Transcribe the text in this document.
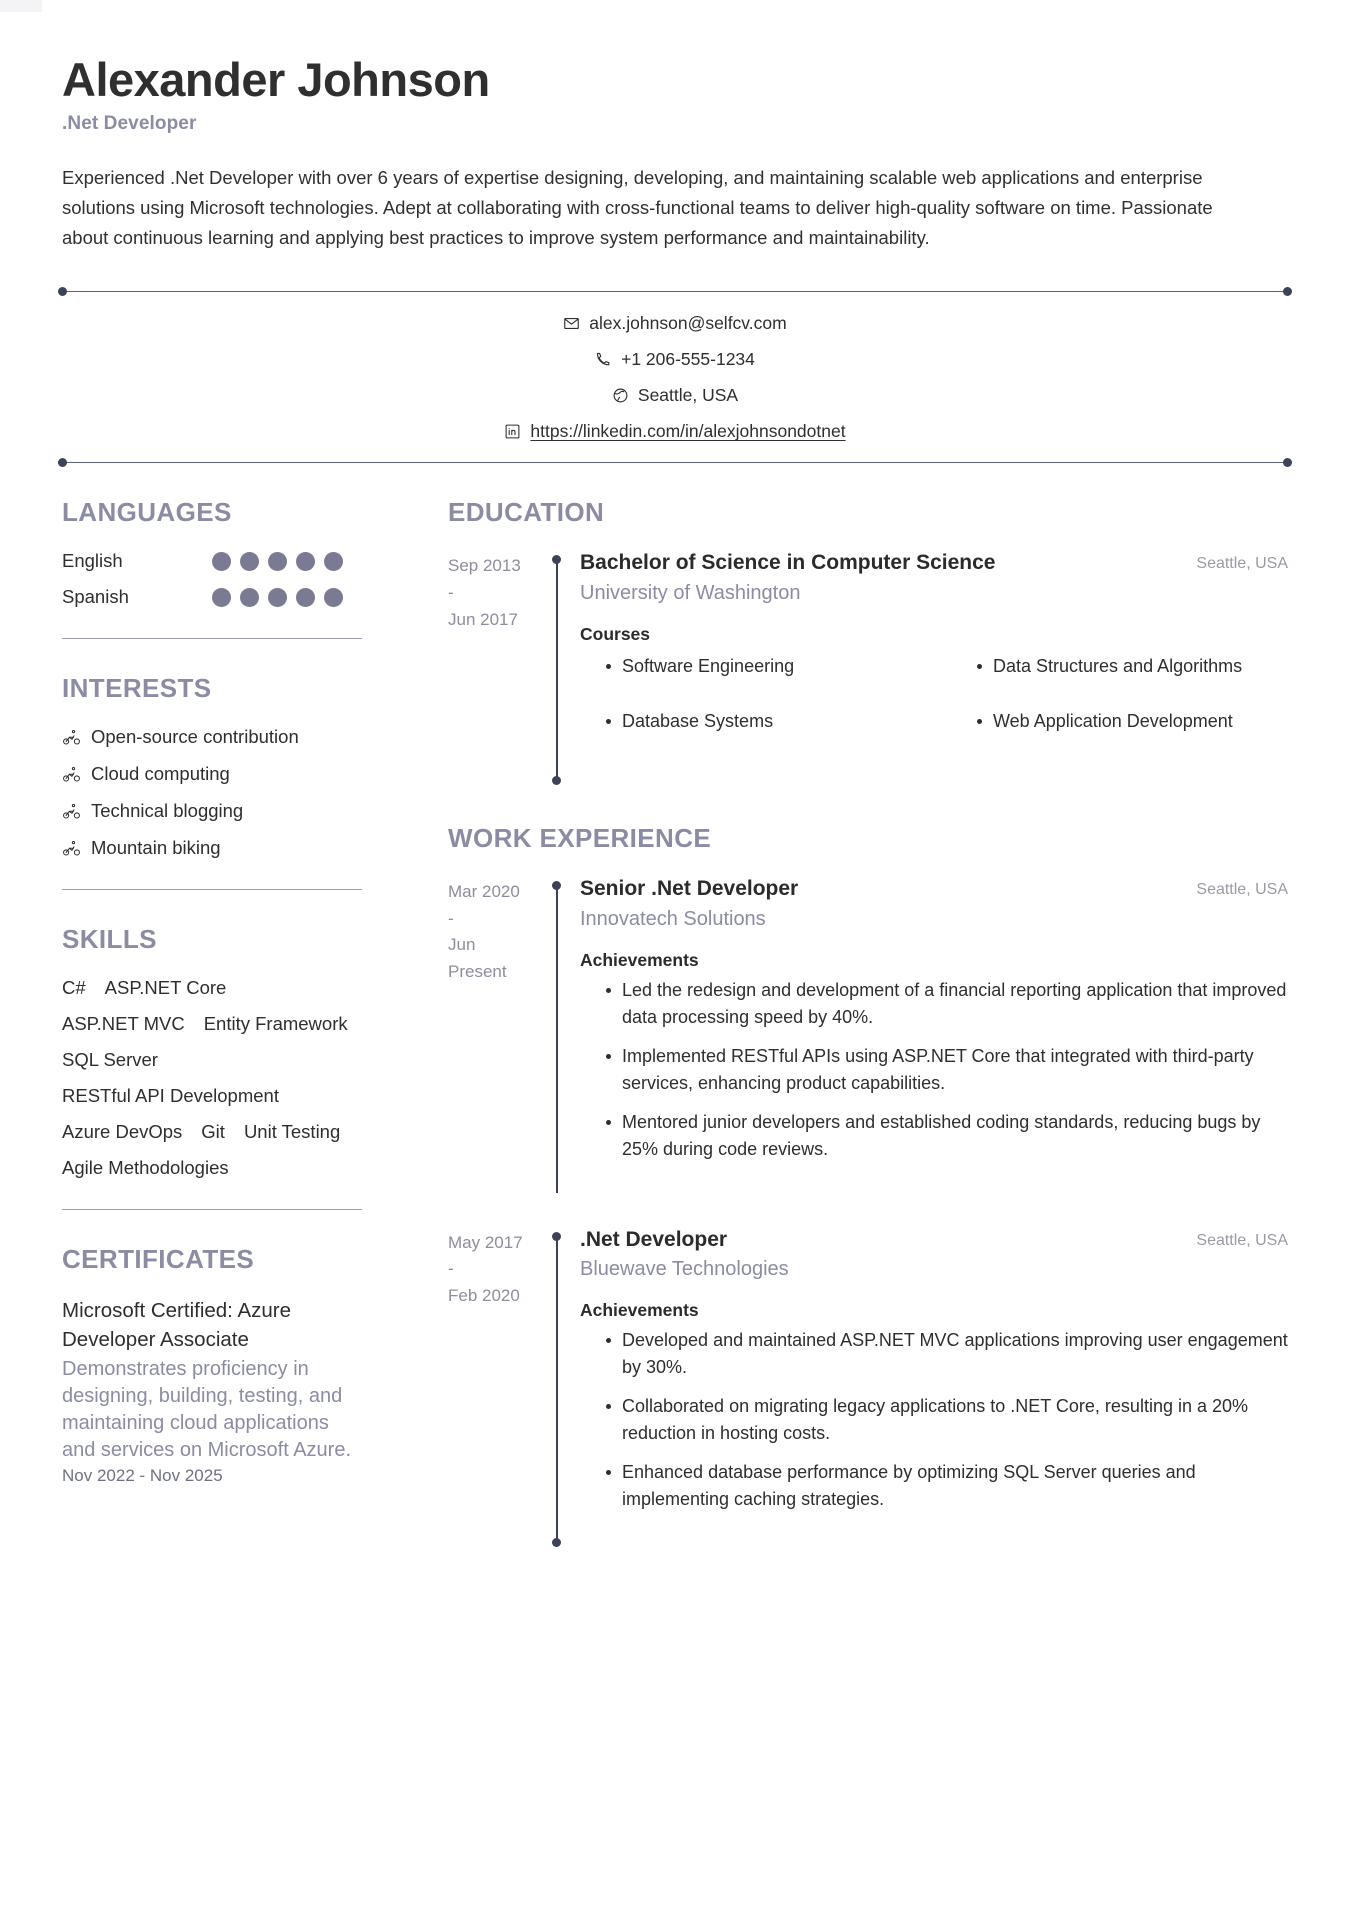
Alexander Johnson
.Net Developer

Experienced .Net Developer with over 6 years of expertise designing, developing, and maintaining scalable web applications and enterprise solutions using Microsoft technologies. Adept at collaborating with cross-functional teams to deliver high-quality software on time. Passionate about continuous learning and applying best practices to improve system performance and maintainability.

alex.johnson@selfcv.com
+1 206-555-1234
Seattle, USA
https://linkedin.com/in/alexjohnsondotnet
LANGUAGES
English
Spanish
INTERESTS
Open-source contribution
Cloud computing
Technical blogging
Mountain biking
SKILLS
C# ASP.NET Core
ASP.NET MVC Entity Framework
SQL Server
RESTful API Development
Azure DevOps Git Unit Testing
Agile Methodologies
CERTIFICATES

Microsoft Certified: Azure Developer Associate

Demonstrates proficiency in designing, building, testing, and maintaining cloud applications and services on Microsoft Azure.

Nov 2022 - Nov 2025

EDUCATION
Sep 2013
-
Jun 2017
Bachelor of Science in Computer Science	Seattle, USA

University of Washington

Courses
Software Engineering
Database Systems
Data Structures and Algorithms
Web Application Development
WORK EXPERIENCE
Mar 2020
-
Jun
Present
Senior .Net Developer	Seattle, USA

Innovatech Solutions

Achievements
Led the redesign and development of a financial reporting application that improved data processing speed by 40%.
Implemented RESTful APIs using ASP.NET Core that integrated with third-party services, enhancing product capabilities.
Mentored junior developers and established coding standards, reducing bugs by 25% during code reviews.
May 2017
-
Feb 2020
.Net Developer	Seattle, USA

Bluewave Technologies

Achievements
Developed and maintained ASP.NET MVC applications improving user engagement by 30%.
Collaborated on migrating legacy applications to .NET Core, resulting in a 20% reduction in hosting costs.
Enhanced database performance by optimizing SQL Server queries and implementing caching strategies.
